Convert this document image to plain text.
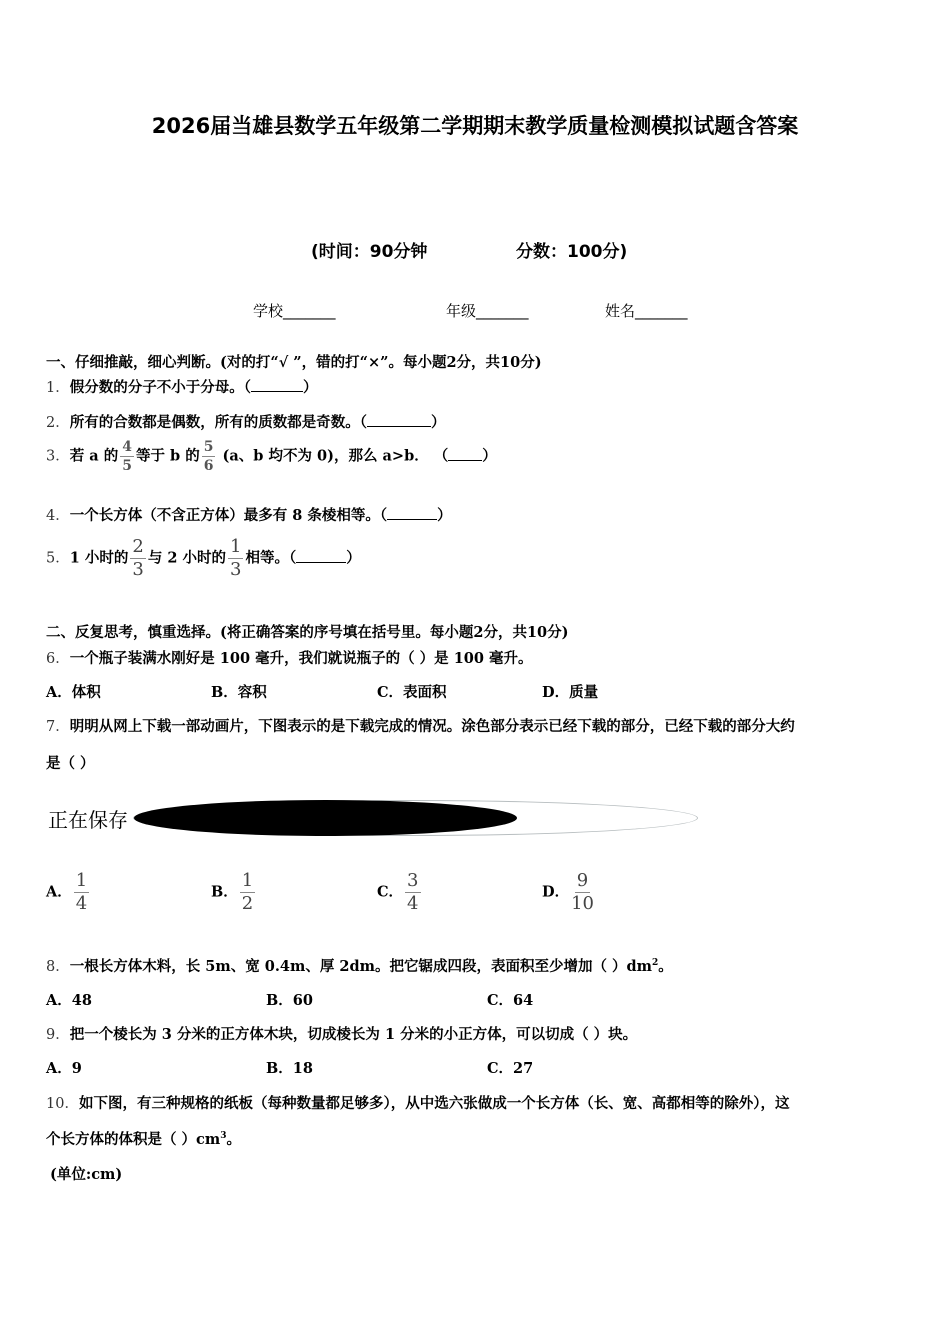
2026届当雄县数学五年级第二学期期末教学质量检测模拟试题含答案
(时间：90分钟	分数：100分)
学校_______	年级_______	姓名_______
一、仔细推敲，细心判断。(对的打“√ ”，错的打“×”。每小题2分，共10分)
1．假分数的分子不小于分母。（	）
2．所有的合数都是偶数，所有的质数都是奇数。（	）
3．若 a 的 $\frac{4}{5}$ 等于 b 的 $\frac{5}{6} (a$、b 均不为 0)，那么 a>b． （ ）
4．一个长方体（不含正方体）最多有 8 条棱相等。（	）
5．1 小时的 $\frac{2}{3}$ 与 2 小时的 $\frac{1}{3}$ 相等。（	）
二、反复思考，慎重选择。(将正确答案的序号填在括号里。每小题2分，共10分)
6．一个瓶子装满水刚好是 100 毫升，我们就说瓶子的（ ）是 100 毫升。
A．体积	B．容积	C．表面积	D．质量
7．明明从网上下载一部动画片，下图表示的是下载完成的情况。涂色部分表示已经下载的部分，已经下载的部分大约
是（ ）
正在保存
A． $\frac{1}{4}$	B． $\frac{1}{2}$	C． $\frac{3}{4}$	D． $\frac{9}{10}$
8．一根长方体木料，长 5m、宽 0.4m、厚 2dm。把它锯成四段，表面积至少增加（ ）$dm^2$。
A．48	B．60	C．64
9．把一个棱长为 3 分米的正方体木块，切成棱长为 1 分米的小正方体，可以切成（ ）块。
A．9	B．18	C．27
10．如下图，有三种规格的纸板（每种数量都足够多），从中选六张做成一个长方体（长、宽、高都相等的除外），这
个长方体的体积是（ ）$cm^3$。
(单位:cm)
